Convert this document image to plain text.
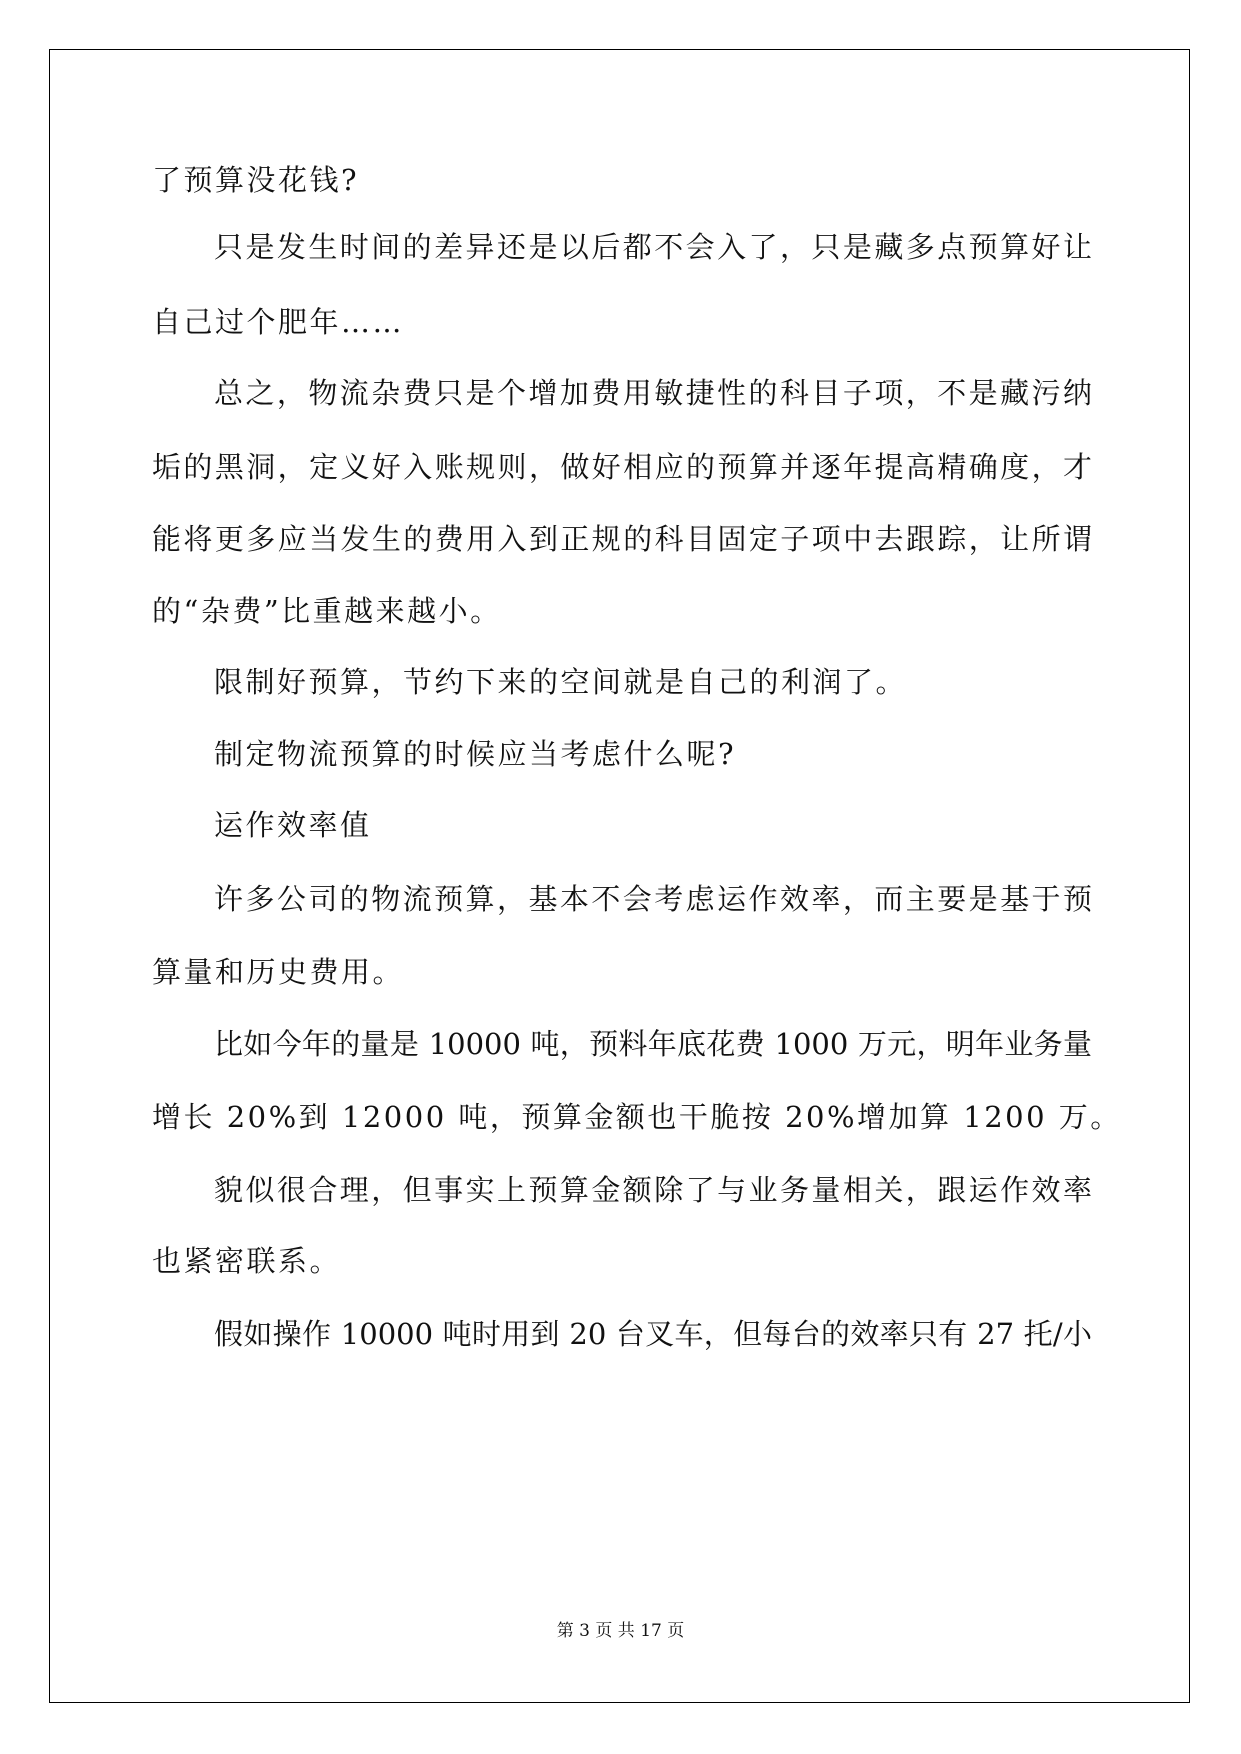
了预算没花钱?
只是发生时间的差异还是以后都不会入了，只是藏多点预算好让
自己过个肥年……
总之，物流杂费只是个增加费用敏捷性的科目子项，不是藏污纳
垢的黑洞，定义好入账规则，做好相应的预算并逐年提高精确度，才
能将更多应当发生的费用入到正规的科目固定子项中去跟踪，让所谓
的“杂费”比重越来越小。
限制好预算，节约下来的空间就是自己的利润了。
制定物流预算的时候应当考虑什么呢?
运作效率值
许多公司的物流预算，基本不会考虑运作效率，而主要是基于预
算量和历史费用。
比如今年的量是 10000 吨，预料年底花费 1000 万元，明年业务量
增长 20%到 12000 吨，预算金额也干脆按 20%增加算 1200 万。
貌似很合理，但事实上预算金额除了与业务量相关，跟运作效率
也紧密联系。
假如操作 10000 吨时用到 20 台叉车，但每台的效率只有 27 托/小
第 3 页 共 17 页
